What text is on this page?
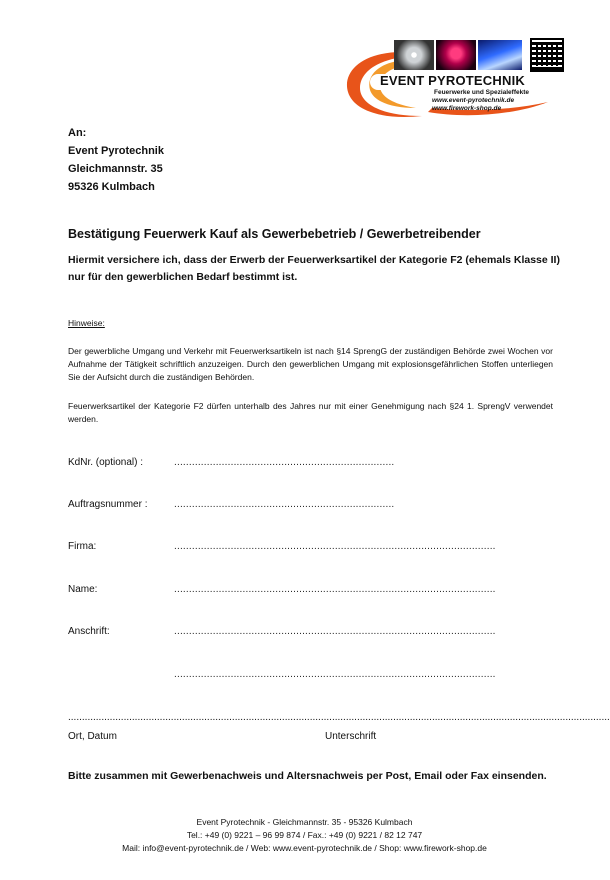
EVENT PYROTECHNIK
Feuerwerke und Spezialeffekte
www.event-pyrotechnik.de
www.firework-shop.de
An:
Event Pyrotechnik
Gleichmannstr. 35
95326 Kulmbach
Bestätigung Feuerwerk Kauf als Gewerbebetrieb / Gewerbetreibender
Hiermit versichere ich, dass der Erwerb der Feuerwerksartikel der Kategorie F2 (ehemals Klasse II) nur für den gewerblichen Bedarf bestimmt ist.
Hinweise:
Der gewerbliche Umgang und Verkehr mit Feuerwerksartikeln ist nach §14 SprengG der zuständigen Behörde zwei Wochen vor Aufnahme der Tätigkeit schriftlich anzuzeigen. Durch den gewerblichen Umgang mit explosionsgefährlichen Stoffen unterliegen Sie der Aufsicht durch die zuständigen Behörden.
Feuerwerksartikel der Kategorie F2 dürfen unterhalb des Jahres nur mit einer Genehmigung nach §24 1. SprengV verwendet werden.
KdNr. (optional) :	..........................................................................
Auftragsnummer :	..........................................................................
Firma:	............................................................................................................
Name:	............................................................................................................
Anschrift:	............................................................................................................
............................................................................................................
...................................................................................................................................................................................................
Ort, Datum	Unterschrift
Bitte zusammen mit Gewerbenachweis und Altersnachweis per Post, Email oder Fax einsenden.
Event Pyrotechnik - Gleichmannstr. 35 - 95326 Kulmbach
Tel.: +49 (0) 9221 – 96 99 874 / Fax.: +49 (0) 9221 / 82 12 747
Mail: info@event-pyrotechnik.de / Web: www.event-pyrotechnik.de / Shop: www.firework-shop.de
